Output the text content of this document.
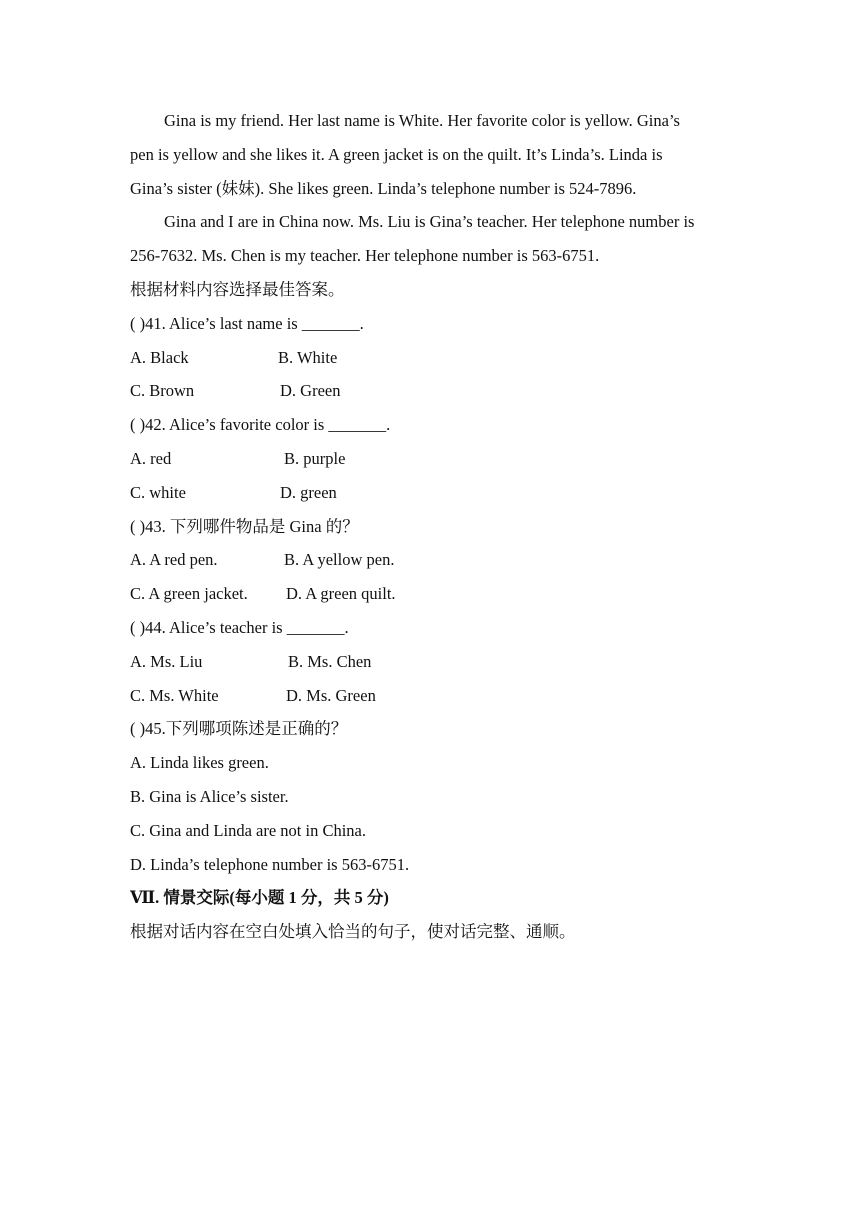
Gina is my friend. Her last name is White. Her favorite color is yellow. Gina’s
pen is yellow and she likes it. A green jacket is on the quilt. It’s Linda’s. Linda is
Gina’s sister (妹妹). She likes green. Linda’s telephone number is 524-7896.
Gina and I are in China now. Ms. Liu is Gina’s teacher. Her telephone number is
256-7632. Ms. Chen is my teacher. Her telephone number is 563-6751.
根据材料内容选择最佳答案。
( )41. Alice’s last name is _______.
A. Black	B. White
C. Brown	D. Green
( )42. Alice’s favorite color is _______.
A. red	B. purple
C. white	D. green
( )43. 下列哪件物品是 Gina 的？
A. A red pen.	B. A yellow pen.
C. A green jacket.	D. A green quilt.
( )44. Alice’s teacher is _______.
A. Ms. Liu	B. Ms. Chen
C. Ms. White	D. Ms. Green
( )45.下列哪项陈述是正确的？
A. Linda likes green.
B. Gina is Alice’s sister.
C. Gina and Linda are not in China.
D. Linda’s telephone number is 563-6751.
Ⅶ. 情景交际(每小题 1 分，共 5 分)
根据对话内容在空白处填入恰当的句子，使对话完整、通顺。
